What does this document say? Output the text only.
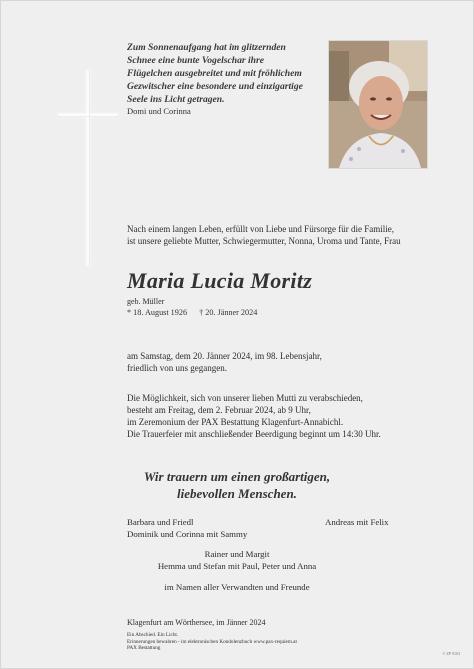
Zum Sonnenaufgang hat im glitzernden
Schnee eine bunte Vogelschar ihre
Flügelchen ausgebreitet und mit fröhlichem
Gezwitscher eine besondere und einzigartige
Seele ins Licht getragen.
Domi und Corinna
Nach einem langen Leben, erfüllt von Liebe und Fürsorge für die Familie,
ist unsere geliebte Mutter, Schwiegermutter, Nonna, Uroma und Tante, Frau
Maria Lucia Moritz
geb. Müller
* 18. August 1926 † 20. Jänner 2024
am Samstag, dem 20. Jänner 2024, im 98. Lebensjahr,
friedlich von uns gegangen.
Die Möglichkeit, sich von unserer lieben Mutti zu verabschieden,
besteht am Freitag, dem 2. Februar 2024, ab 9 Uhr,
im Zeremonium der PAX Bestattung Klagenfurt-Annabichl.
Die Trauerfeier mit anschließender Beerdigung beginnt um 14:30 Uhr.
Wir trauern um einen großartigen,
liebevollen Menschen.
Barbara und Friedl
Dominik und Corinna mit Sammy
Andreas mit Felix
Rainer und Margit
Hemma und Stefan mit Paul, Peter und Anna
im Namen aller Verwandten und Freunde
Klagenfurt am Wörthersee, im Jänner 2024
Ein Abschied. Ein Licht.
Erinnerungen bewahren - im elektronischen Kondolenzbuch www.pax-requiem.at
PAX Bestattung
© ZP 9103
